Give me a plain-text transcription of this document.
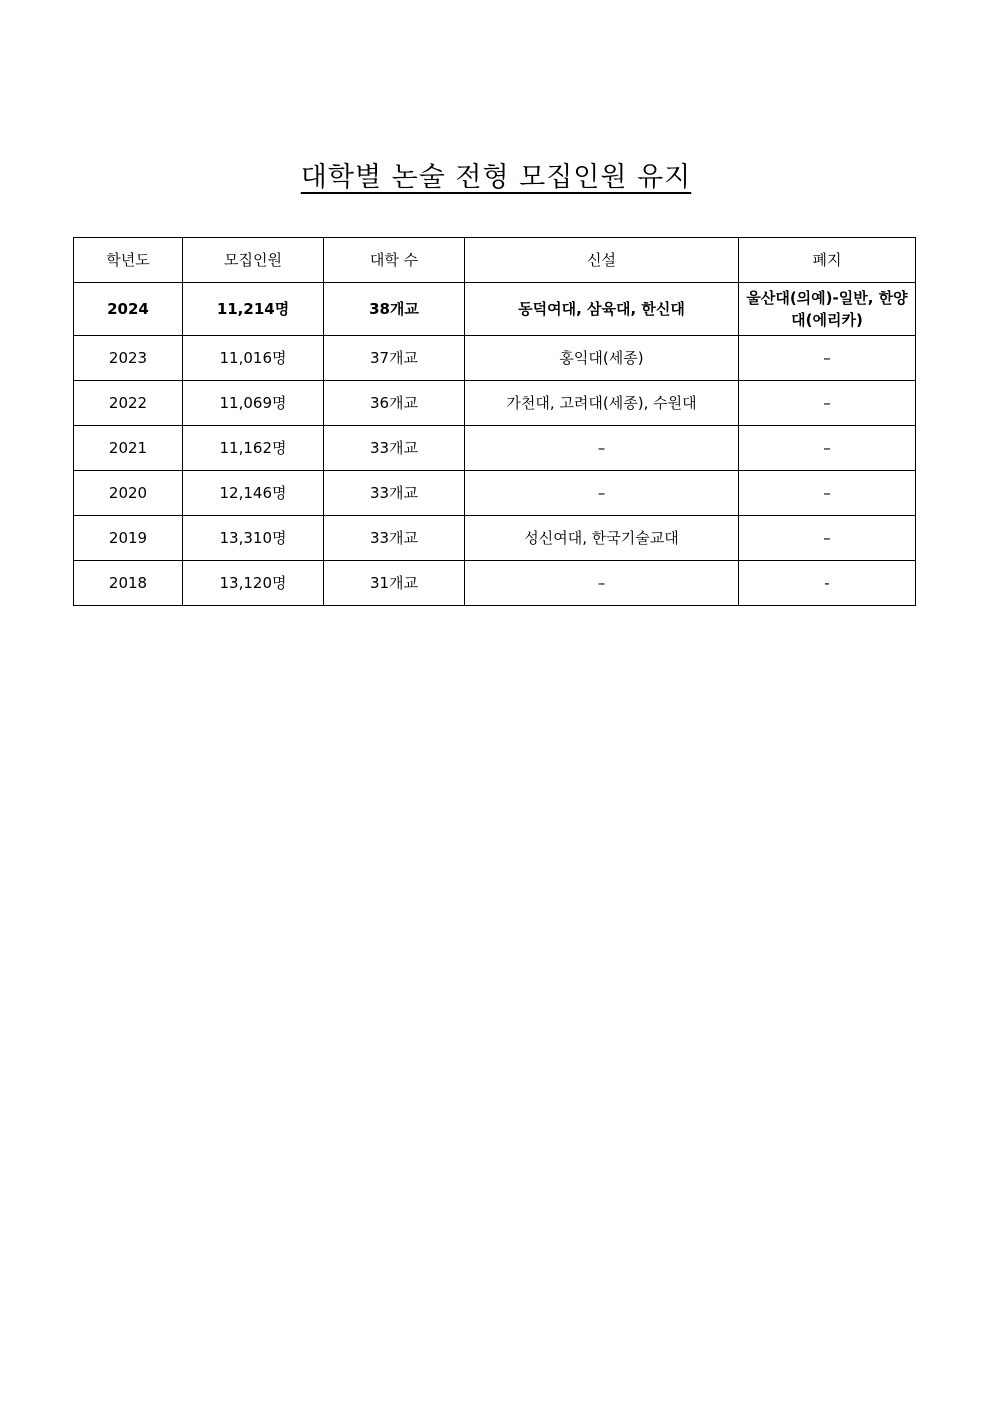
대학별 논술 전형 모집인원 유지
학년도	모집인원	대학 수	신설	폐지
2024	11,214명	38개교	동덕여대, 삼육대, 한신대	울산대(의예)-일반, 한양대(에리카)
2023	11,016명	37개교	홍익대(세종)	–
2022	11,069명	36개교	가천대, 고려대(세종), 수원대	–
2021	11,162명	33개교	–	–
2020	12,146명	33개교	–	–
2019	13,310명	33개교	성신여대, 한국기술교대	–
2018	13,120명	31개교	–	-
